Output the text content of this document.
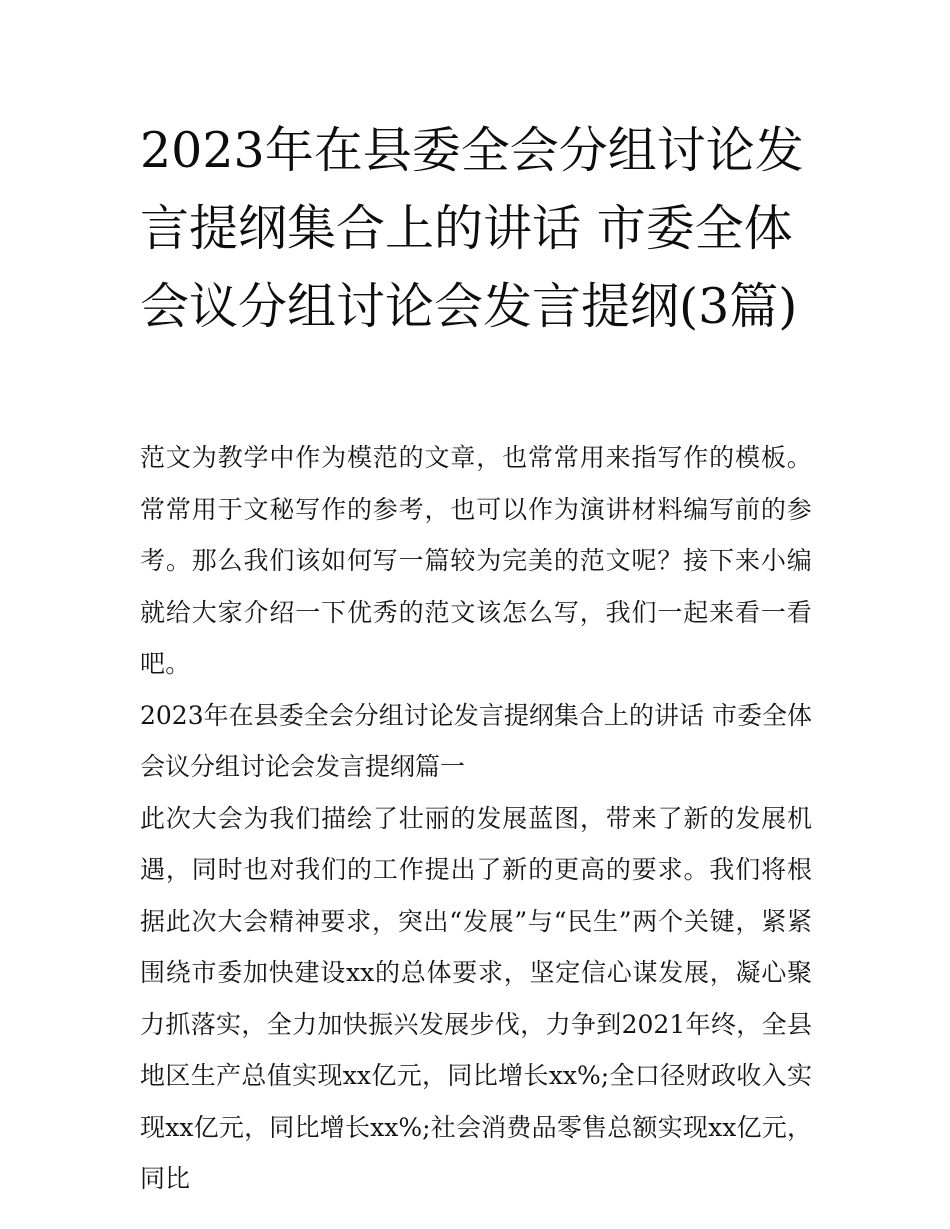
2023年在县委全会分组讨论发言提纲集合上的讲话 市委全体会议分组讨论会发言提纲(3篇)

范文为教学中作为模范的文章，也常常用来指写作的模板。常常用于文秘写作的参考，也可以作为演讲材料编写前的参考。那么我们该如何写一篇较为完美的范文呢？接下来小编就给大家介绍一下优秀的范文该怎么写，我们一起来看一看吧。

2023年在县委全会分组讨论发言提纲集合上的讲话 市委全体会议分组讨论会发言提纲篇一

此次大会为我们描绘了壮丽的发展蓝图，带来了新的发展机遇，同时也对我们的工作提出了新的更高的要求。我们将根据此次大会精神要求，突出“发展”与“民生”两个关键，紧紧围绕市委加快建设xx的总体要求，坚定信心谋发展，凝心聚力抓落实，全力加快振兴发展步伐，力争到2021年终，全县地区生产总值实现xx亿元，同比增长xx%;全口径财政收入实现xx亿元，同比增长xx%;社会消费品零售总额实现xx亿元，同比
